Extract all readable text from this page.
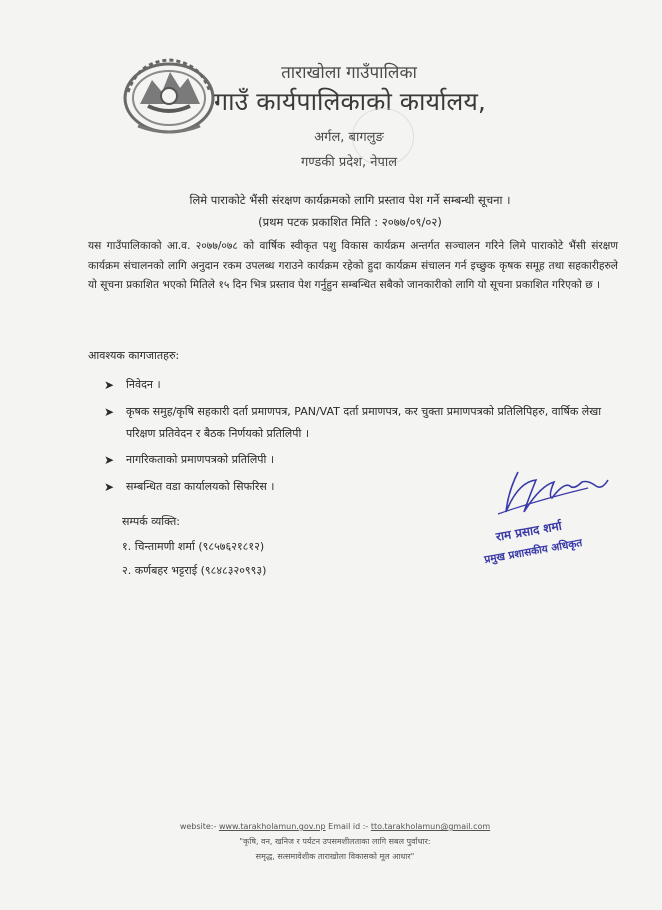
ताराखोला गाउँपालिका
गाउँ कार्यपालिकाको कार्यालय,
अर्गल, बागलुङ
गण्डकी प्रदेश, नेपाल
लिमे पाराकोटे भैंसी संरक्षण कार्यक्रमको लागि प्रस्ताव पेश गर्ने सम्बन्धी सूचना ।
(प्रथम पटक प्रकाशित मिति : २०७७/०९/०२)
यस गाउँपालिकाको आ.व. २०७७/०७८ को वार्षिक स्वीकृत पशु विकास कार्यक्रम अन्तर्गत सञ्चालन गरिने लिमे पाराकोटे भैंसी संरक्षण कार्यक्रम संचालनको लागि अनुदान रकम उपलब्ध गराउने कार्यक्रम रहेको हुदा कार्यक्रम संचालन गर्न इच्छुक कृषक समूह तथा सहकारीहरुले यो सूचना प्रकाशित भएको मितिले १५ दिन भित्र प्रस्ताव पेश गर्नुहुन सम्बन्धित सबैको जानकारीको लागि यो सूचना प्रकाशित गरिएको छ ।
आवश्यक कागजातहरु:
➤ निवेदन ।
➤ कृषक समुह/कृषि सहकारी दर्ता प्रमाणपत्र, PAN/VAT दर्ता प्रमाणपत्र, कर चुक्ता प्रमाणपत्रको प्रतिलिपिहरु, वार्षिक लेखा परिक्षण प्रतिवेदन र बैठक निर्णयको प्रतिलिपी ।
➤ नागरिकताको प्रमाणपत्रको प्रतिलिपी ।
➤ सम्बन्धित वडा कार्यालयको सिफरिस ।
राम प्रसाद शर्मा
प्रमुख प्रशासकीय अधिकृत
सम्पर्क व्यक्ति:
१. चिन्तामणी शर्मा (९८५७६२१८१२)
२. कर्णबहर भट्टराई (९८४८३२०९९३)
website:- www.tarakholamun.gov.np Email id :- tto.tarakholamun@gmail.com
"कृषि, वन, खनिज र पर्यटन उपसमशीलताका लागि सबल पुर्वाधार:
समृद्ध, सत्समावेशीक ताराखोला विकासको मूल आधार"
